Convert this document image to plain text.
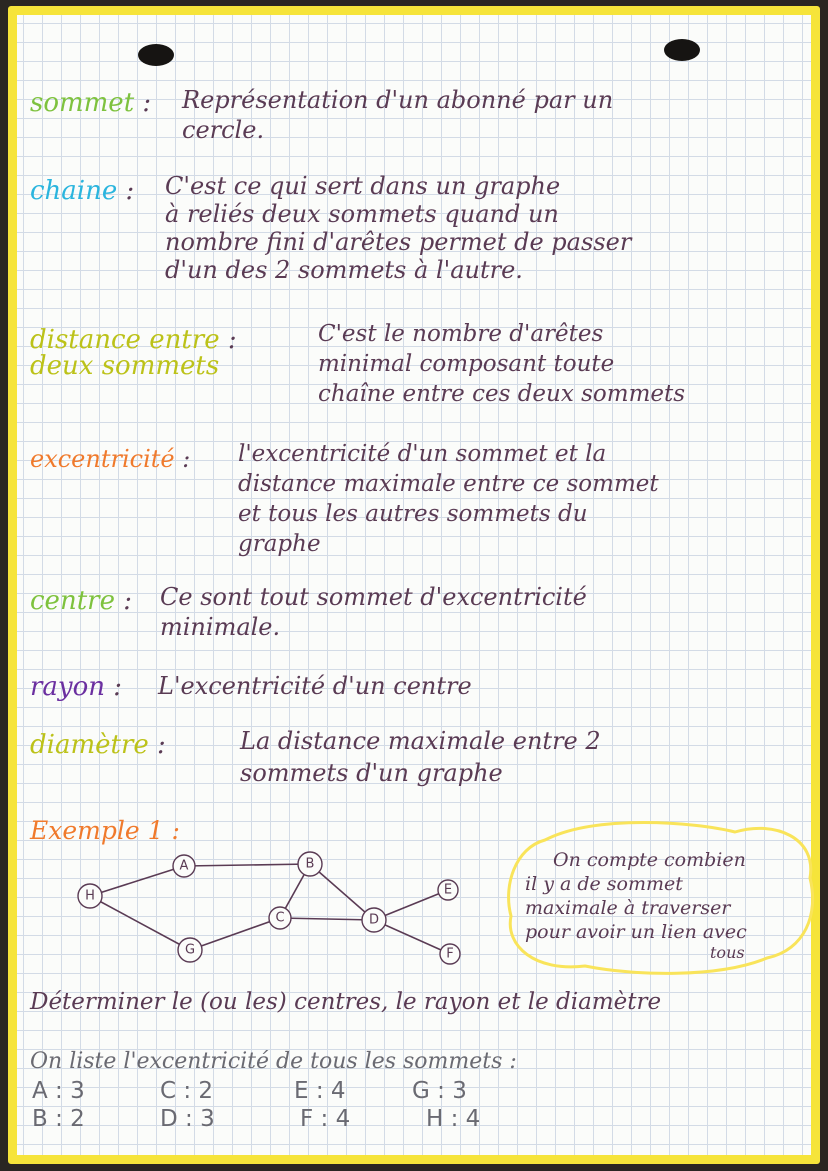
sommet : Représentation d'un abonné par un
cercle.
chaine : C'est ce qui sert dans un graphe
à reliés deux sommets quand un
nombre fini d'arêtes permet de passer
d'un des 2 sommets à l'autre.
distance entre :
deux sommets
C'est le nombre d'arêtes
minimal composant toute
chaîne entre ces deux sommets
excentricité : l'excentricité d'un sommet et la
distance maximale entre ce sommet
et tous les autres sommets du
graphe
centre : Ce sont tout sommet d'excentricité
minimale.
rayon : L'excentricité d'un centre
diamètre :	La distance maximale entre 2
sommets d'un graphe
Exemple 1 :
A	B
C	D
E
F
G
H
On compte combien
il y a de sommet
maximale à traverser
pour avoir un lien avec
tous
Déterminer le (ou les) centres, le rayon et le diamètre
On liste l'excentricité de tous les sommets :
A : 3	C : 2	E : 4	G : 3
B : 2	D : 3	F : 4	H : 4
